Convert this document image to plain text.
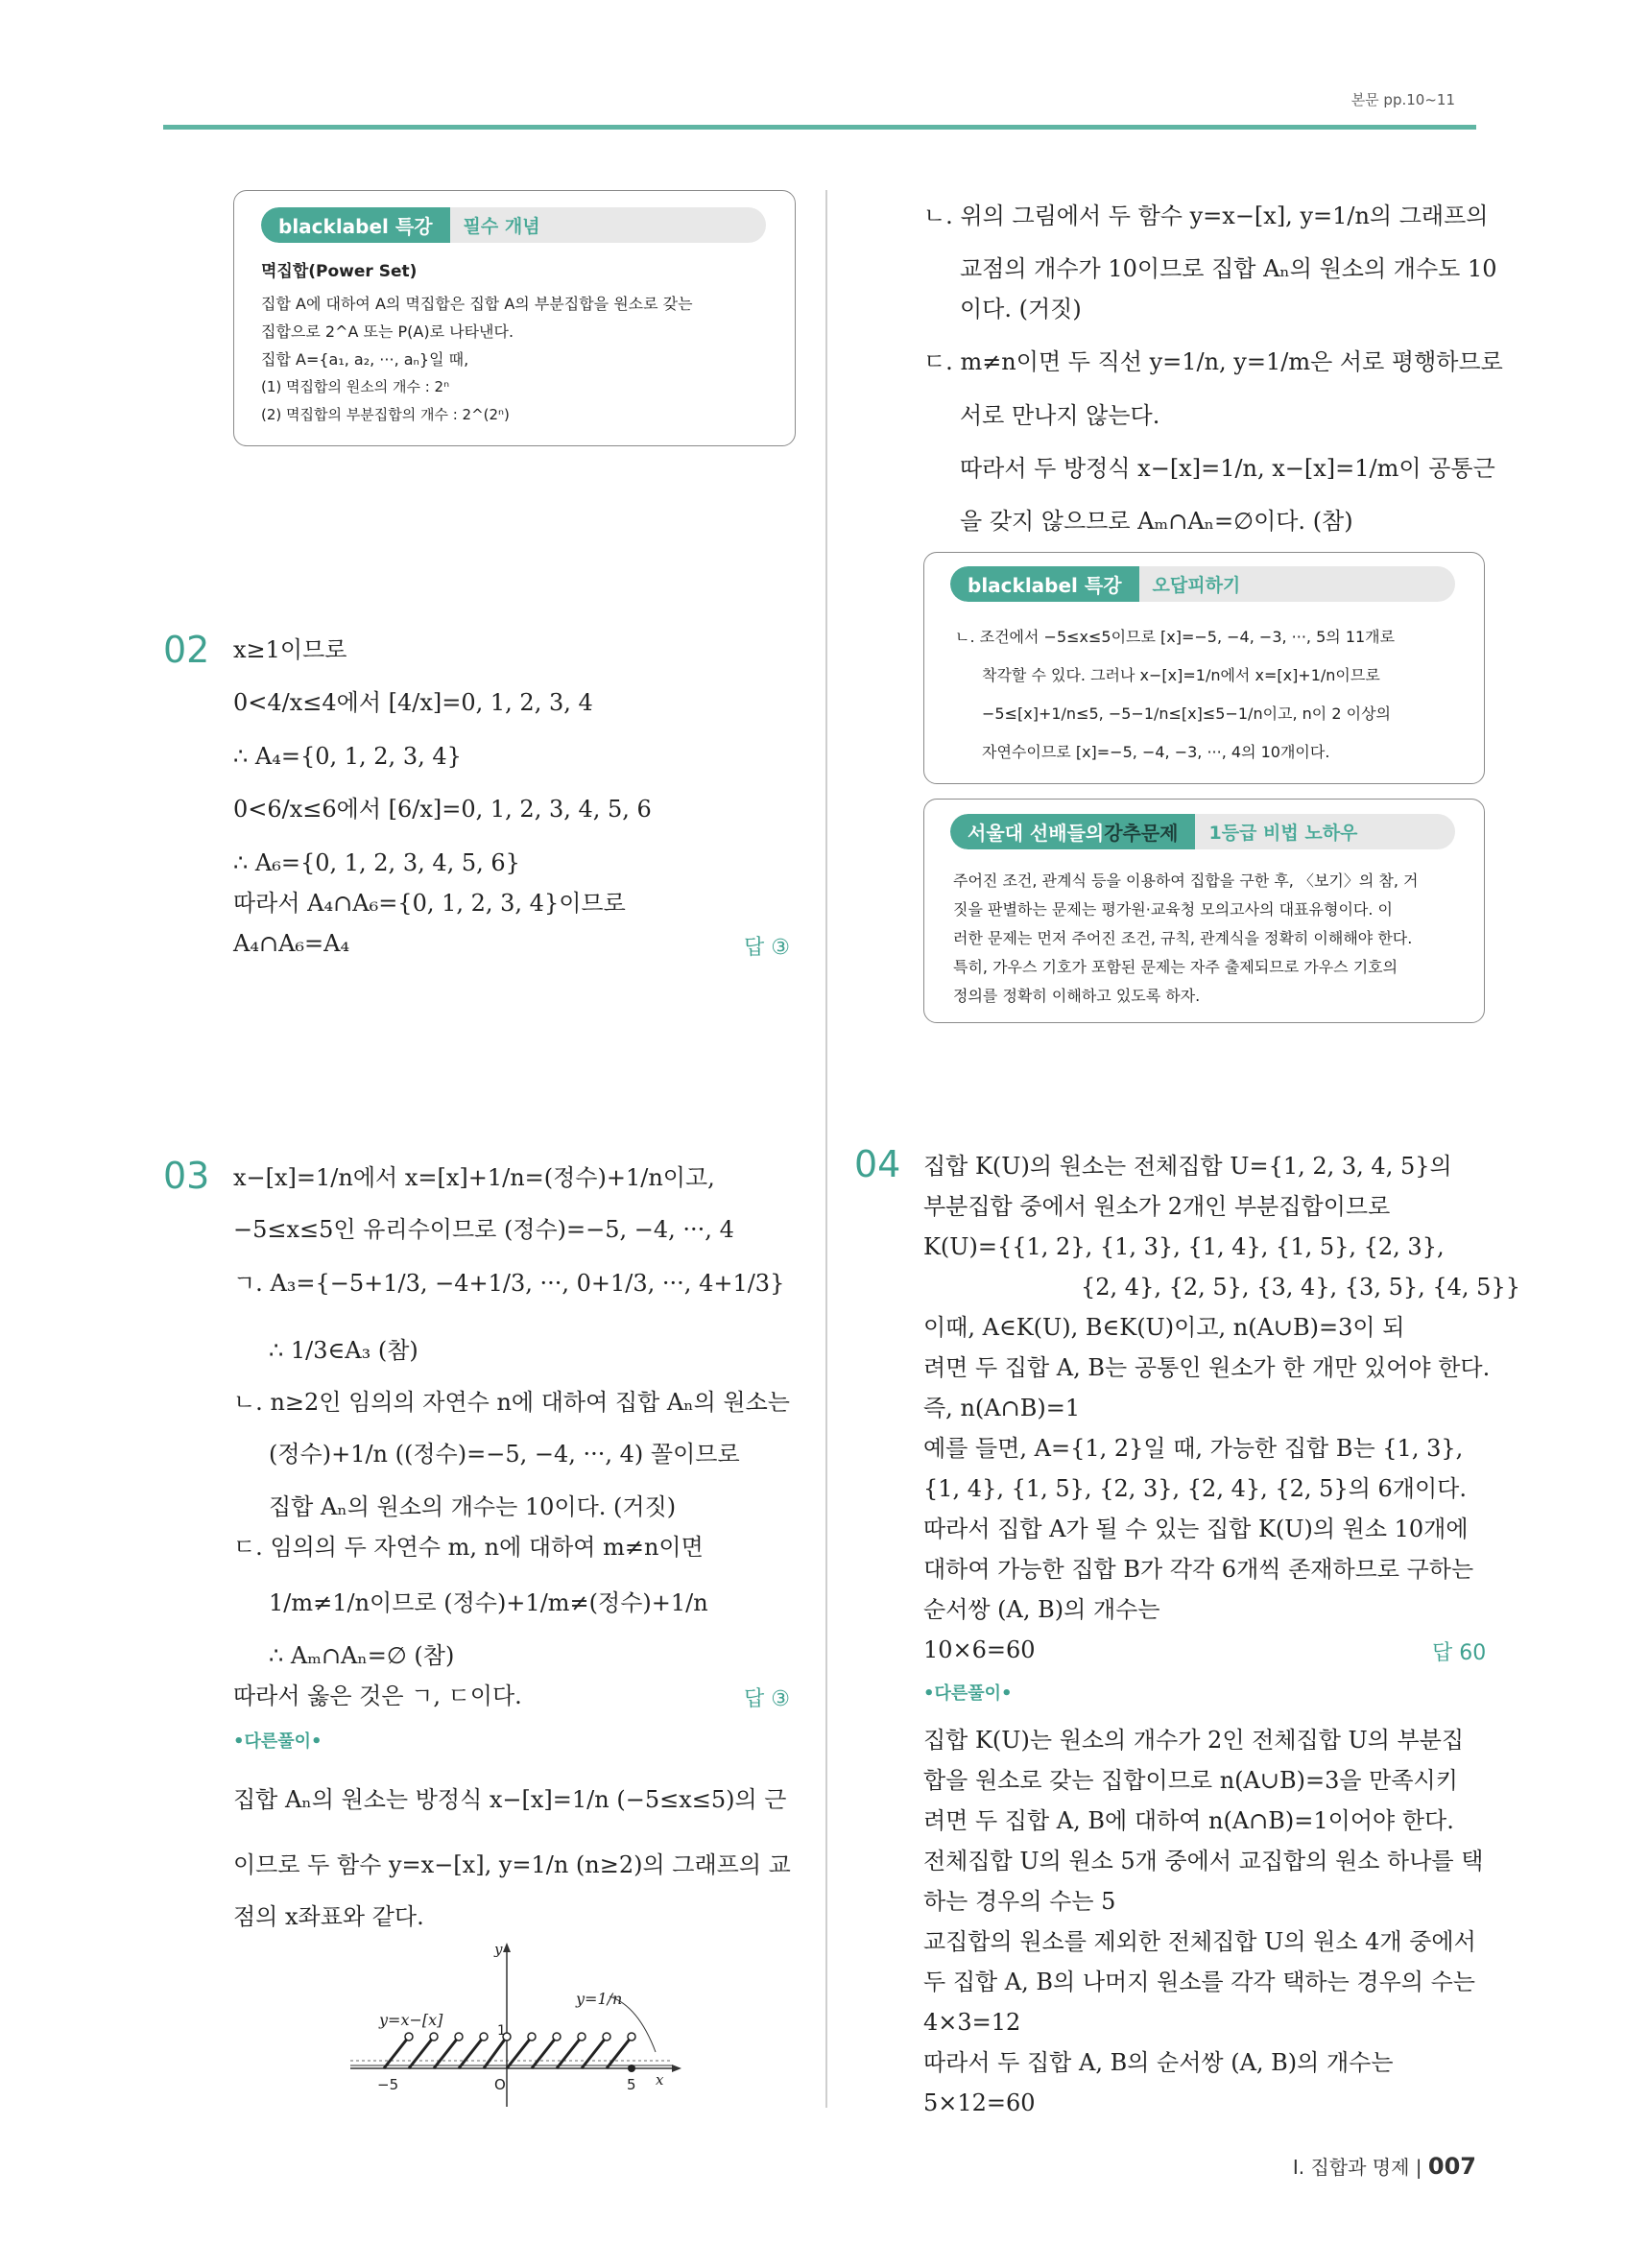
본문 pp.10~11
blacklabel 특강	필수 개념
멱집합(Power Set)
집합 A에 대하여 A의 멱집합은 집합 A의 부분집합을 원소로 갖는
집합으로 2^A 또는 P(A)로 나타낸다.
집합 A={a₁, a₂, ···, aₙ}일 때,
(1) 멱집합의 원소의 개수 : 2ⁿ
(2) 멱집합의 부분집합의 개수 : 2^(2ⁿ)
02 x≥1이므로
0<4/x≤4에서 [4/x]=0, 1, 2, 3, 4
∴ A₄={0, 1, 2, 3, 4}
0<6/x≤6에서 [6/x]=0, 1, 2, 3, 4, 5, 6
∴ A₆={0, 1, 2, 3, 4, 5, 6}
따라서 A₄∩A₆={0, 1, 2, 3, 4}이므로
A₄∩A₆=A₄	답 ③
03 x−[x]=1/n에서 x=[x]+1/n=(정수)+1/n이고,
−5≤x≤5인 유리수이므로 (정수)=−5, −4, ···, 4
ㄱ. A₃={−5+1/3, −4+1/3, ···, 0+1/3, ···, 4+1/3}
∴ 1/3∈A₃ (참)
ㄴ. n≥2인 임의의 자연수 n에 대하여 집합 Aₙ의 원소는
(정수)+1/n ((정수)=−5, −4, ···, 4) 꼴이므로
집합 Aₙ의 원소의 개수는 10이다. (거짓)
ㄷ. 임의의 두 자연수 m, n에 대하여 m≠n이면
1/m≠1/n이므로 (정수)+1/m≠(정수)+1/n
∴ Aₘ∩Aₙ=∅ (참)
따라서 옳은 것은 ㄱ, ㄷ이다.	답 ③
•다른풀이•
집합 Aₙ의 원소는 방정식 x−[x]=1/n (−5≤x≤5)의 근
이므로 두 함수 y=x−[x], y=1/n (n≥2)의 그래프의 교
점의 x좌표와 같다.
y=x−[x]
y=1/n
y
x
O
−5	5
1
ㄴ. 위의 그림에서 두 함수 y=x−[x], y=1/n의 그래프의
교점의 개수가 10이므로 집합 Aₙ의 원소의 개수도 10
이다. (거짓)
ㄷ. m≠n이면 두 직선 y=1/n, y=1/m은 서로 평행하므로
서로 만나지 않는다.
따라서 두 방정식 x−[x]=1/n, x−[x]=1/m이 공통근
을 갖지 않으므로 Aₘ∩Aₙ=∅이다. (참)
blacklabel 특강	오답피하기
ㄴ. 조건에서 −5≤x≤5이므로 [x]=−5, −4, −3, ···, 5의 11개로
착각할 수 있다. 그러나 x−[x]=1/n에서 x=[x]+1/n이므로
−5≤[x]+1/n≤5, −5−1/n≤[x]≤5−1/n이고, n이 2 이상의
자연수이므로 [x]=−5, −4, −3, ···, 4의 10개이다.
서울대 선배들의 강추문제	1등급 비법 노하우
주어진 조건, 관계식 등을 이용하여 집합을 구한 후, 〈보기〉의 참, 거
짓을 판별하는 문제는 평가원·교육청 모의고사의 대표유형이다. 이
러한 문제는 먼저 주어진 조건, 규칙, 관계식을 정확히 이해해야 한다.
특히, 가우스 기호가 포함된 문제는 자주 출제되므로 가우스 기호의
정의를 정확히 이해하고 있도록 하자.
04 집합 K(U)의 원소는 전체집합 U={1, 2, 3, 4, 5}의
부분집합 중에서 원소가 2개인 부분집합이므로
K(U)={{1, 2}, {1, 3}, {1, 4}, {1, 5}, {2, 3},
{2, 4}, {2, 5}, {3, 4}, {3, 5}, {4, 5}}
이때, A∈K(U), B∈K(U)이고, n(A∪B)=3이 되
려면 두 집합 A, B는 공통인 원소가 한 개만 있어야 한다.
즉, n(A∩B)=1
예를 들면, A={1, 2}일 때, 가능한 집합 B는 {1, 3},
{1, 4}, {1, 5}, {2, 3}, {2, 4}, {2, 5}의 6개이다.
따라서 집합 A가 될 수 있는 집합 K(U)의 원소 10개에
대하여 가능한 집합 B가 각각 6개씩 존재하므로 구하는
순서쌍 (A, B)의 개수는
10×6=60	답 60
•다른풀이•
집합 K(U)는 원소의 개수가 2인 전체집합 U의 부분집
합을 원소로 갖는 집합이므로 n(A∪B)=3을 만족시키
려면 두 집합 A, B에 대하여 n(A∩B)=1이어야 한다.
전체집합 U의 원소 5개 중에서 교집합의 원소 하나를 택
하는 경우의 수는 5
교집합의 원소를 제외한 전체집합 U의 원소 4개 중에서
두 집합 A, B의 나머지 원소를 각각 택하는 경우의 수는
4×3=12
따라서 두 집합 A, B의 순서쌍 (A, B)의 개수는
5×12=60
Ⅰ. 집합과 명제 | 007
